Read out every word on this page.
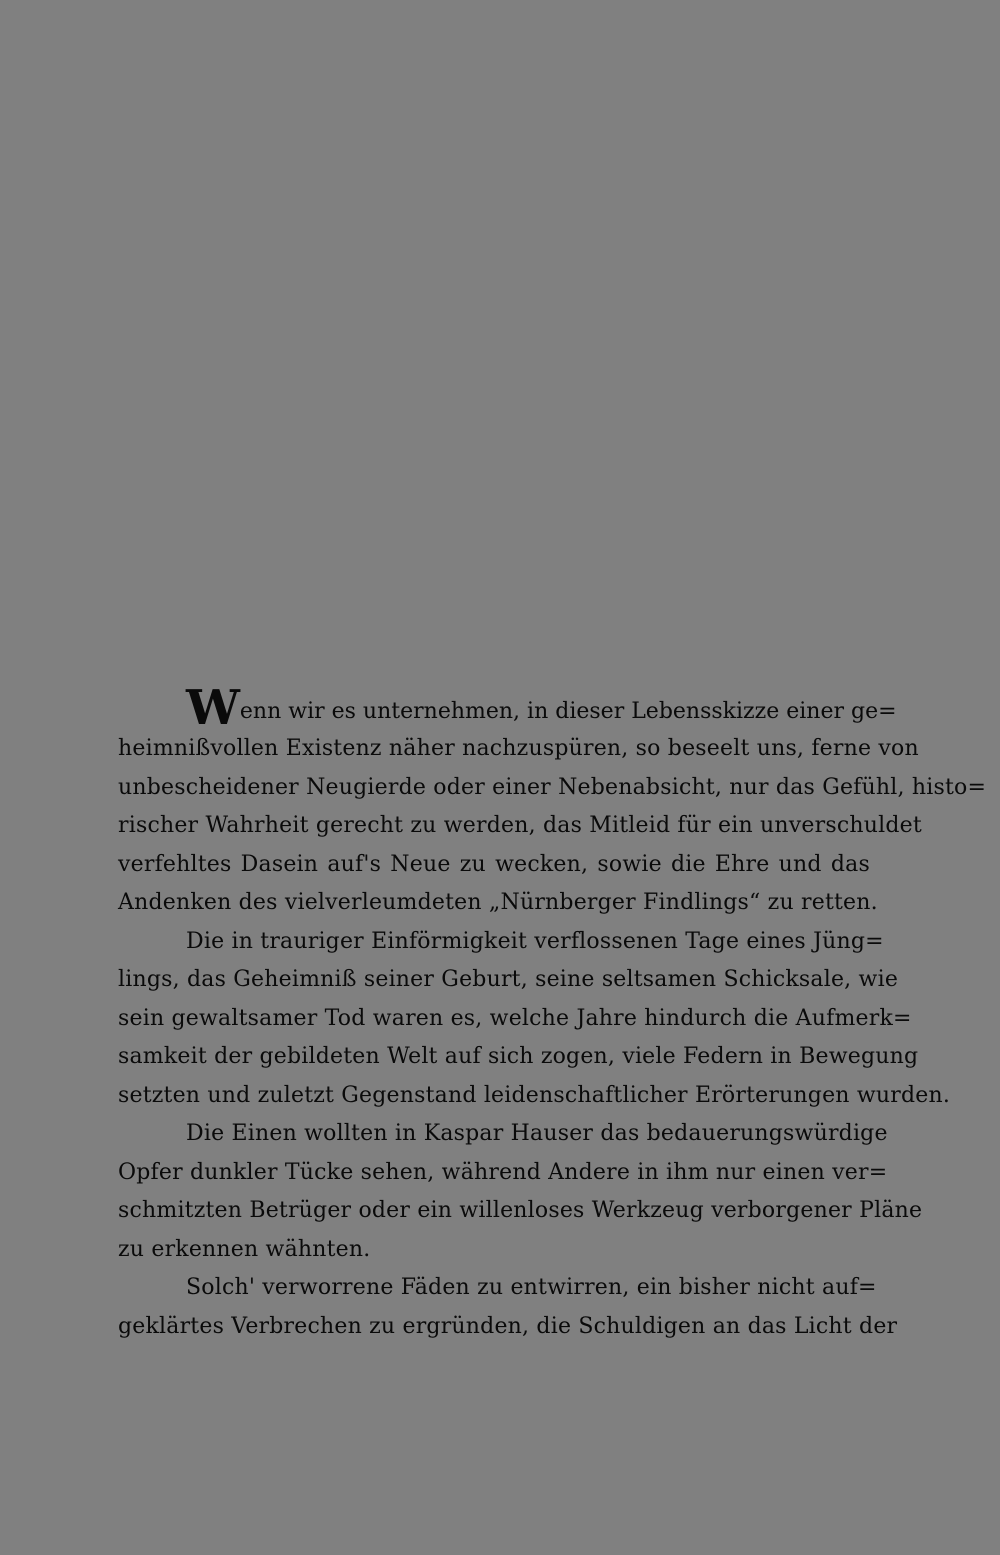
W enn wir es unternehmen, in dieser Lebensskizze einer ge=
heimnißvollen Existenz näher nachzuspüren, so beseelt uns, ferne von
unbescheidener Neugierde oder einer Nebenabsicht, nur das Gefühl, histo=
rischer Wahrheit gerecht zu werden, das Mitleid für ein unverschuldet
verfehltes Dasein auf's Neue zu wecken, sowie die Ehre und das
Andenken des vielverleumdeten „Nürnberger Findlings“ zu retten.
Die in trauriger Einförmigkeit verflossenen Tage eines Jüng=
lings, das Geheimniß seiner Geburt, seine seltsamen Schicksale, wie
sein gewaltsamer Tod waren es, welche Jahre hindurch die Aufmerk=
samkeit der gebildeten Welt auf sich zogen, viele Federn in Bewegung
setzten und zuletzt Gegenstand leidenschaftlicher Erörterungen wurden.
Die Einen wollten in Kaspar Hauser das bedauerungswürdige
Opfer dunkler Tücke sehen, während Andere in ihm nur einen ver=
schmitzten Betrüger oder ein willenloses Werkzeug verborgener Pläne
zu erkennen wähnten.
Solch' verworrene Fäden zu entwirren, ein bisher nicht auf=
geklärtes Verbrechen zu ergründen, die Schuldigen an das Licht der
